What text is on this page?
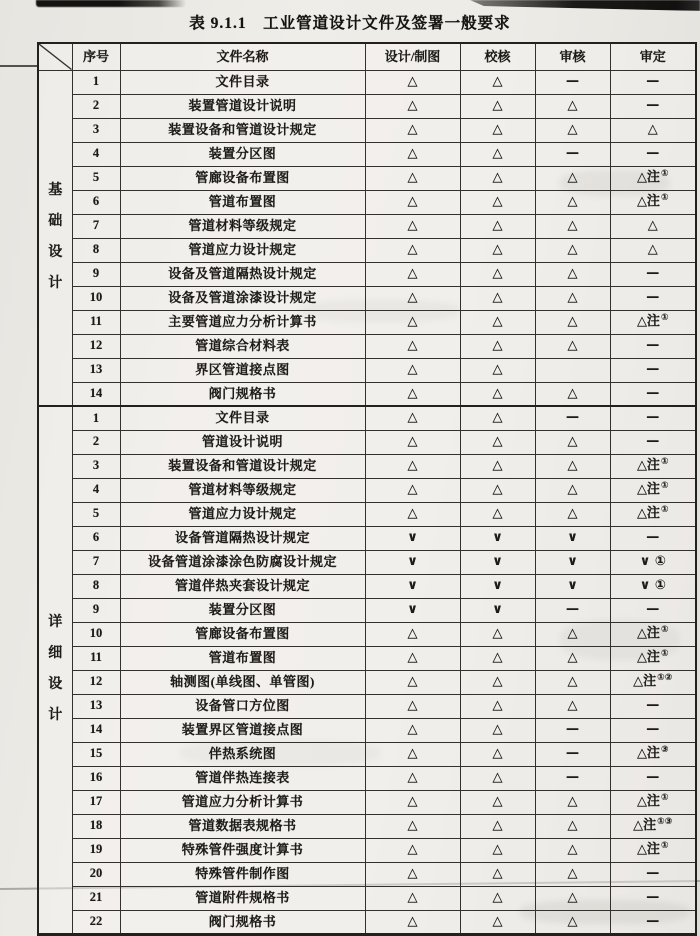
表 9.1.1　工业管道设计文件及签署一般要求
	序号	文件名称	设计/制图	校核	审核	审定

基
础
设
计	1	文件目录	△	△	—	—
	2	装置管道设计说明	△	△	△	—
	3	装置设备和管道设计规定	△	△	△	△
	4	装置分区图	△	△	—	—
	5	管廊设备布置图	△	△	△	△注①
	6	管道布置图	△	△	△	△注①
	7	管道材料等级规定	△	△	△	△
	8	管道应力设计规定	△	△	△	△
	9	设备及管道隔热设计规定	△	△	△	—
	10	设备及管道涂漆设计规定	△	△	△	—
	11	主要管道应力分析计算书	△	△	△	△注①
	12	管道综合材料表	△	△	△	—
	13	界区管道接点图	△	△		—
	14	阀门规格书	△	△	△	—

详
细
设
计	1	文件目录	△	△	—	—
	2	管道设计说明	△	△	△	—
	3	装置设备和管道设计规定	△	△	△	△注①
	4	管道材料等级规定	△	△	△	△注①
	5	管道应力设计规定	△	△	△	△注①
	6	设备管道隔热设计规定	∨	∨	∨	—
	7	设备管道涂漆涂色防腐设计规定	∨	∨	∨	∨ ①
	8	管道伴热夹套设计规定	∨	∨	∨	∨ ①
	9	装置分区图	∨	∨	—	—
	10	管廊设备布置图	△	△	△	△注①
	11	管道布置图	△	△	△	△注①
	12	轴测图(单线图、单管图)	△	△	△	△注①②
	13	设备管口方位图	△	△	△	—
	14	装置界区管道接点图	△	△	—	—
	15	伴热系统图	△	△	—	△注③
	16	管道伴热连接表	△	△	—	—
	17	管道应力分析计算书	△	△	△	△注①
	18	管道数据表规格书	△	△	△	△注①③
	19	特殊管件强度计算书	△	△	△	△注①
	20	特殊管件制作图	△	△	△	—
	21	管道附件规格书	△	△	△	—
	22	阀门规格书	△	△	△	—
